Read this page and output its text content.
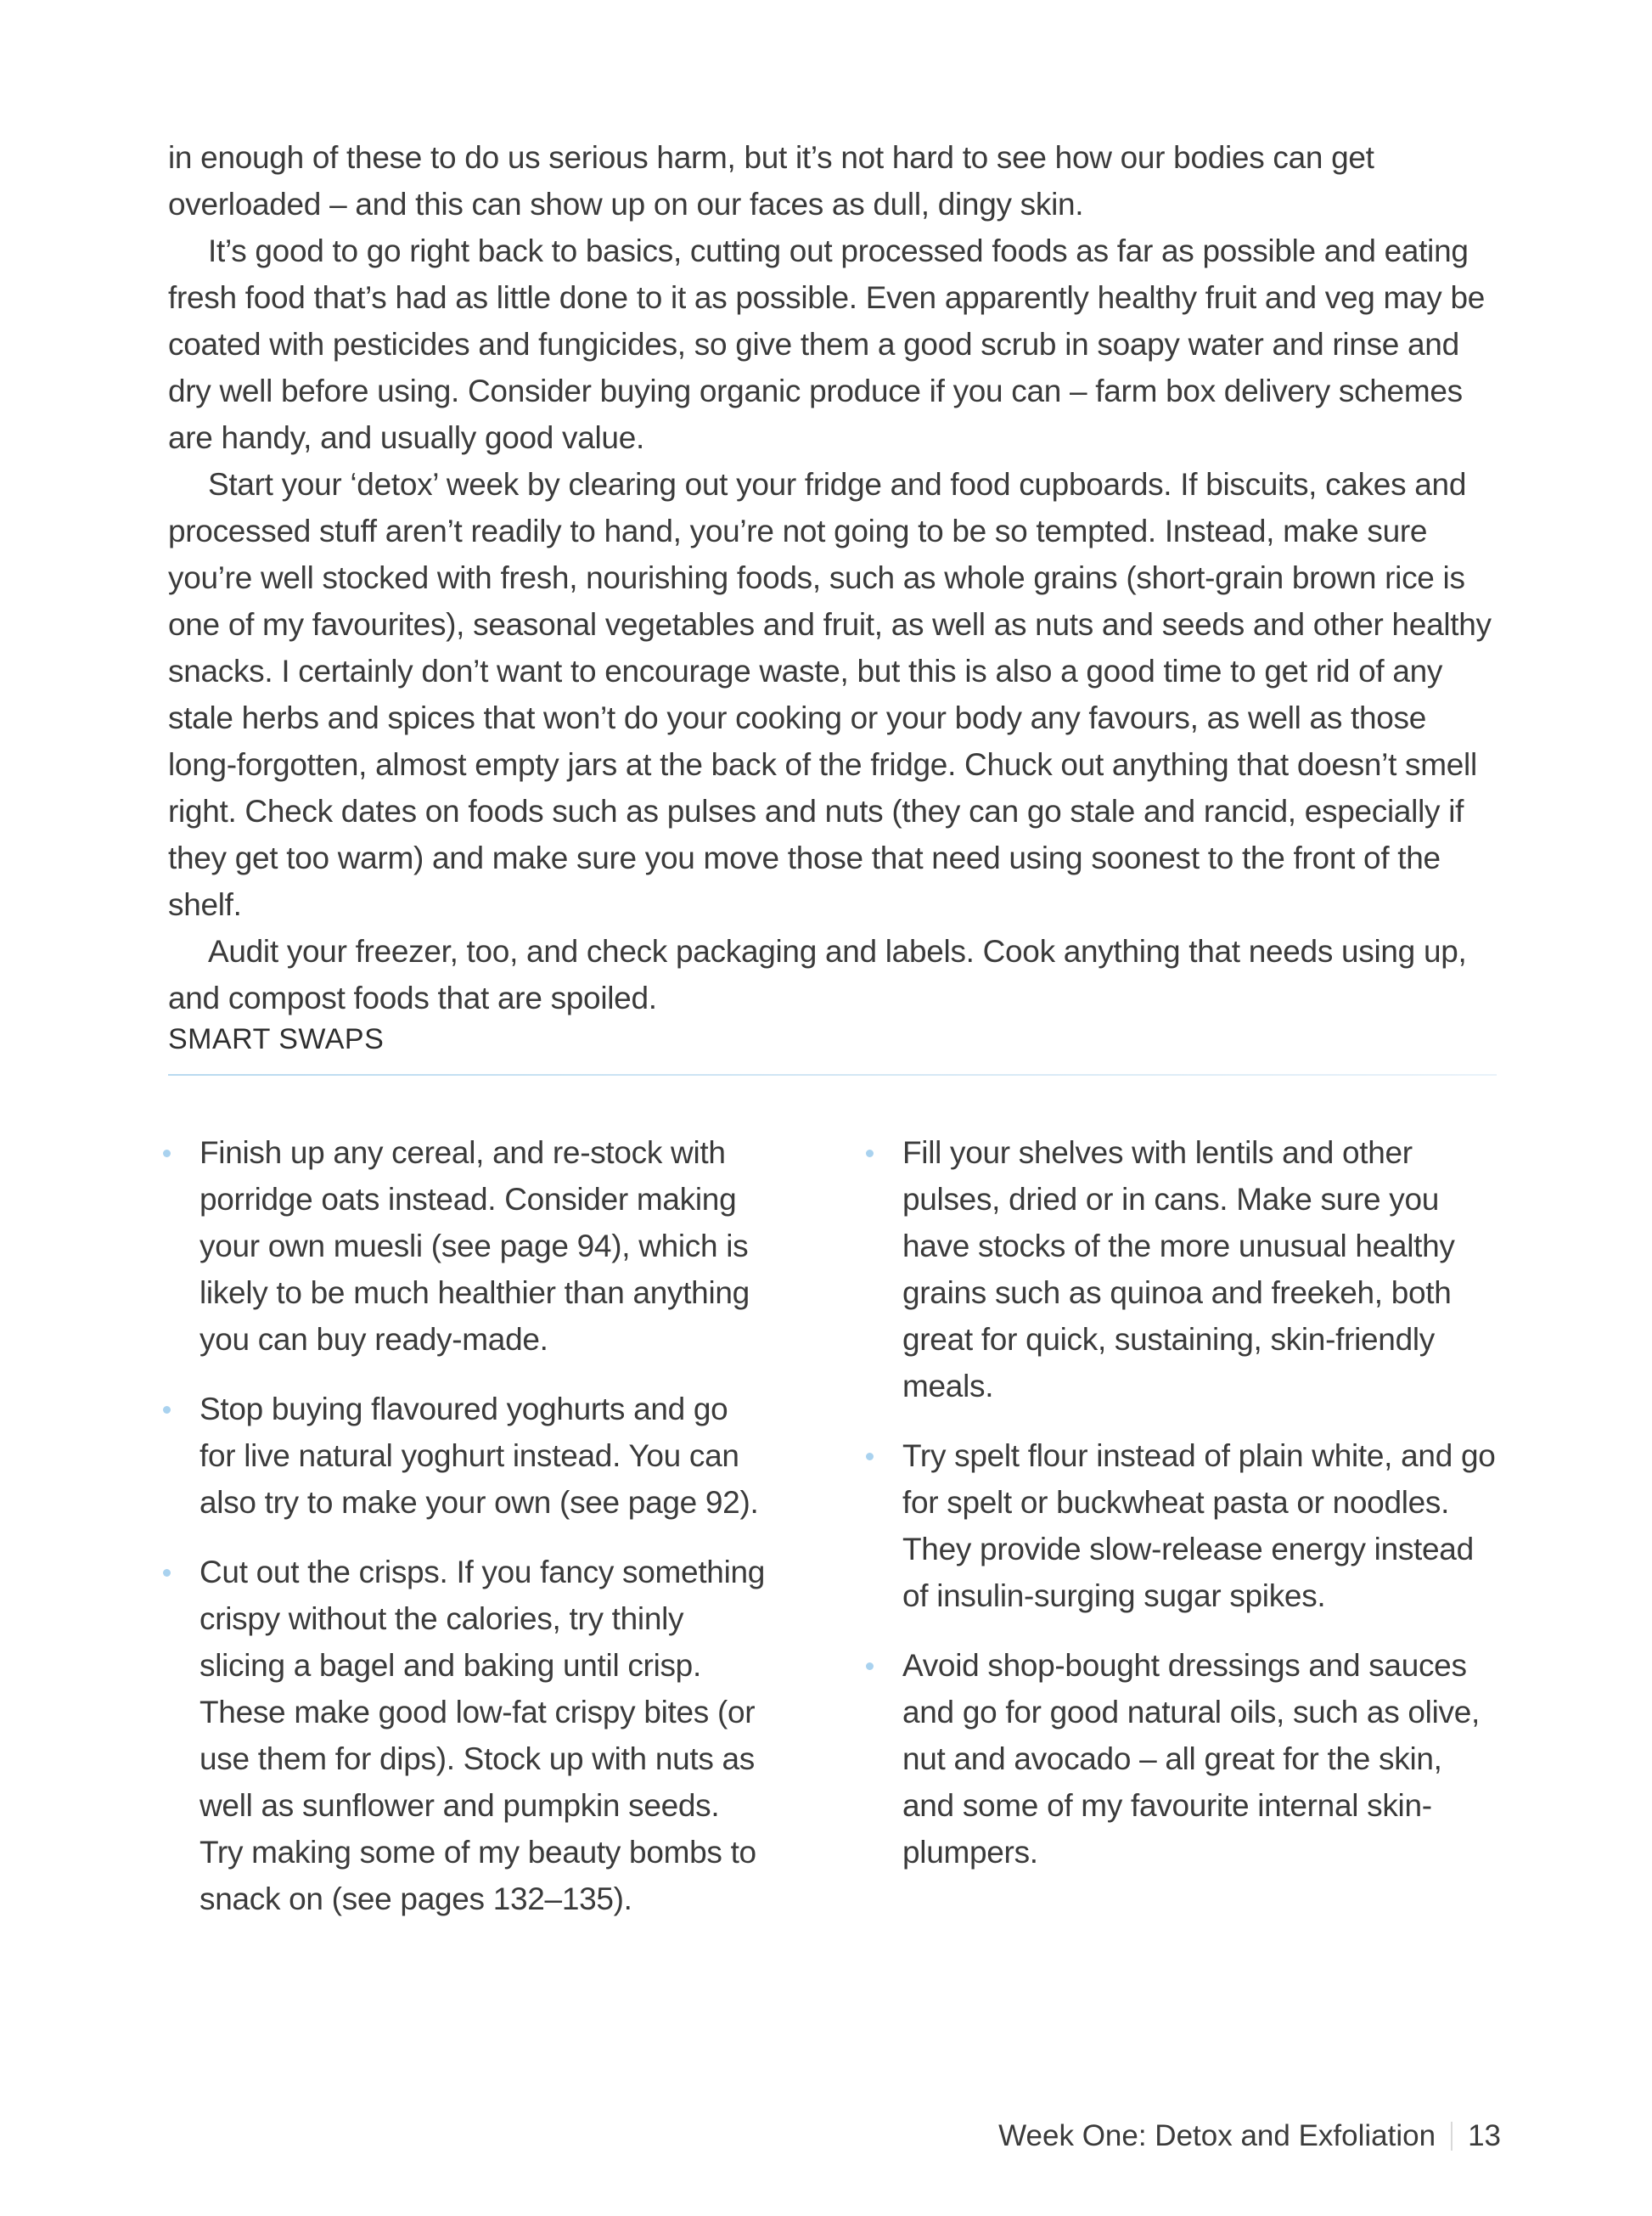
in enough of these to do us serious harm, but it’s not hard to see how our bodies can get overloaded – and this can show up on our faces as dull, dingy skin.

It’s good to go right back to basics, cutting out processed foods as far as possible and eating fresh food that’s had as little done to it as possible. Even apparently healthy fruit and veg may be coated with pesticides and fungicides, so give them a good scrub in soapy water and rinse and dry well before using. Consider buying organic produce if you can – farm box delivery schemes are handy, and usually good value.

Start your ‘detox’ week by clearing out your fridge and food cupboards. If biscuits, cakes and processed stuff aren’t readily to hand, you’re not going to be so tempted. Instead, make sure you’re well stocked with fresh, nourishing foods, such as whole grains (short-grain brown rice is one of my favourites), seasonal vegetables and fruit, as well as nuts and seeds and other healthy snacks. I certainly don’t want to encourage waste, but this is also a good time to get rid of any stale herbs and spices that won’t do your cooking or your body any favours, as well as those long-forgotten, almost empty jars at the back of the fridge. Chuck out anything that doesn’t smell right. Check dates on foods such as pulses and nuts (they can go stale and rancid, especially if they get too warm) and make sure you move those that need using soonest to the front of the shelf.

Audit your freezer, too, and check packaging and labels. Cook anything that needs using up, and compost foods that are spoiled.

SMART SWAPS
Finish up any cereal, and re-stock with porridge oats instead. Consider making your own muesli (see page 94), which is likely to be much healthier than anything you can buy ready-made.
Stop buying flavoured yoghurts and go for live natural yoghurt instead. You can also try to make your own (see page 92).
Cut out the crisps. If you fancy something crispy without the calories, try thinly slicing a bagel and baking until crisp. These make good low-fat crispy bites (or use them for dips). Stock up with nuts as well as sunflower and pumpkin seeds. Try making some of my beauty bombs to snack on (see pages 132–135).
Fill your shelves with lentils and other pulses, dried or in cans. Make sure you have stocks of the more unusual healthy grains such as quinoa and freekeh, both great for quick, sustaining, skin-friendly meals.
Try spelt flour instead of plain white, and go for spelt or buckwheat pasta or noodles. They provide slow-release energy instead of insulin-surging sugar spikes.
Avoid shop-bought dressings and sauces and go for good natural oils, such as olive, nut and avocado – all great for the skin, and some of my favourite internal skin-plumpers.
Week One: Detox and Exfoliation 13
